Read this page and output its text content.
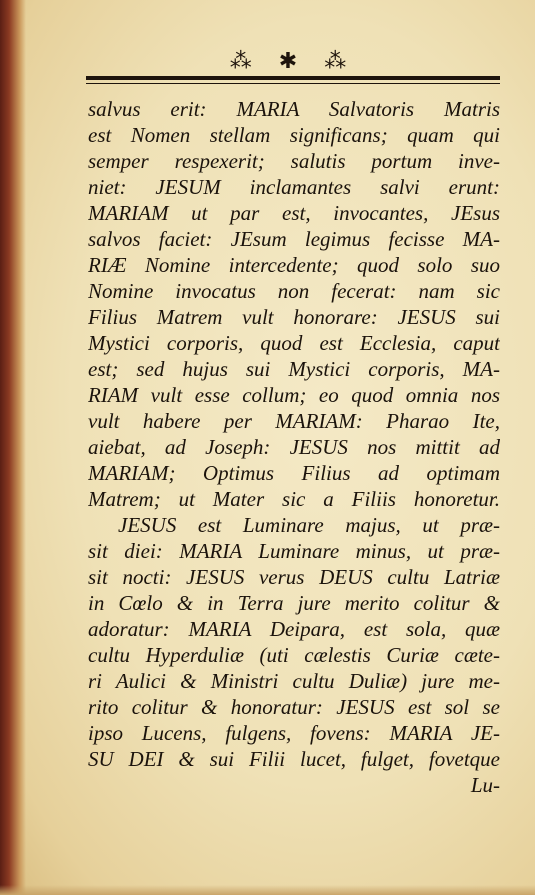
⁂ ✱ ⁂
salvus erit: MARIA Salvatoris Matris
est Nomen stellam significans; quam qui
semper respexerit; salutis portum inve-
niet: JESUM inclamantes salvi erunt:
MARIAM ut par est, invocantes, JEsus
salvos faciet: JEsum legimus fecisse MA-
RIÆ Nomine intercedente; quod solo suo
Nomine invocatus non fecerat: nam sic
Filius Matrem vult honorare: JESUS sui
Mystici corporis, quod est Ecclesia, caput
est; sed hujus sui Mystici corporis, MA-
RIAM vult esse collum; eo quod omnia nos
vult habere per MARIAM: Pharao Ite,
aiebat, ad Joseph: JESUS nos mittit ad
MARIAM; Optimus Filius ad optimam
Matrem; ut Mater sic a Filiis honoretur.
JESUS est Luminare majus, ut præ-
sit diei: MARIA Luminare minus, ut præ-
sit nocti: JESUS verus DEUS cultu Latriæ
in Cœlo & in Terra jure merito colitur &
adoratur: MARIA Deipara, est sola, quæ
cultu Hyperduliæ (uti cælestis Curiæ cæte-
ri Aulici & Ministri cultu Duliæ) jure me-
rito colitur & honoratur: JESUS est sol se
ipso Lucens, fulgens, fovens: MARIA JE-
SU DEI & sui Filii lucet, fulget, fovetque
Lu-
